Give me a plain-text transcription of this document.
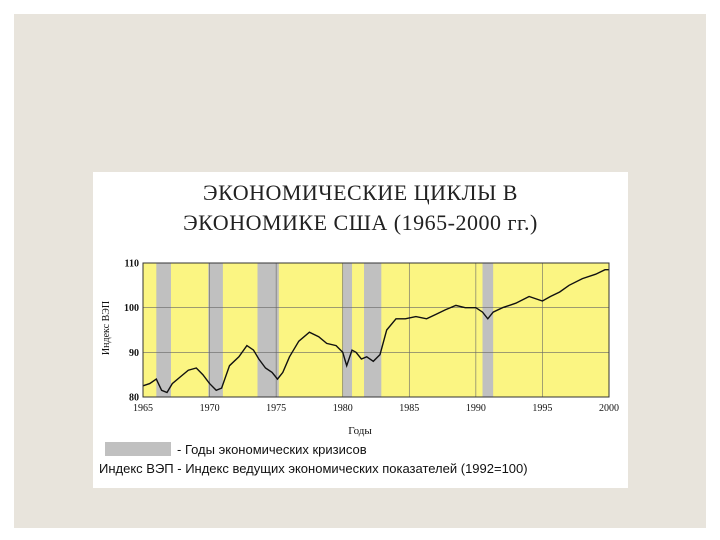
ЭКОНОМИЧЕСКИЕ ЦИКЛЫ В
ЭКОНОМИКЕ США (1965-2000 гг.)
1965	1970	1975	1980	1985	1990	1995	2000
80
90
100
110
Годы
Индекс ВЭП
- Годы экономических кризисов
Индекс ВЭП - Индекс ведущих экономических показателей (1992=100)
